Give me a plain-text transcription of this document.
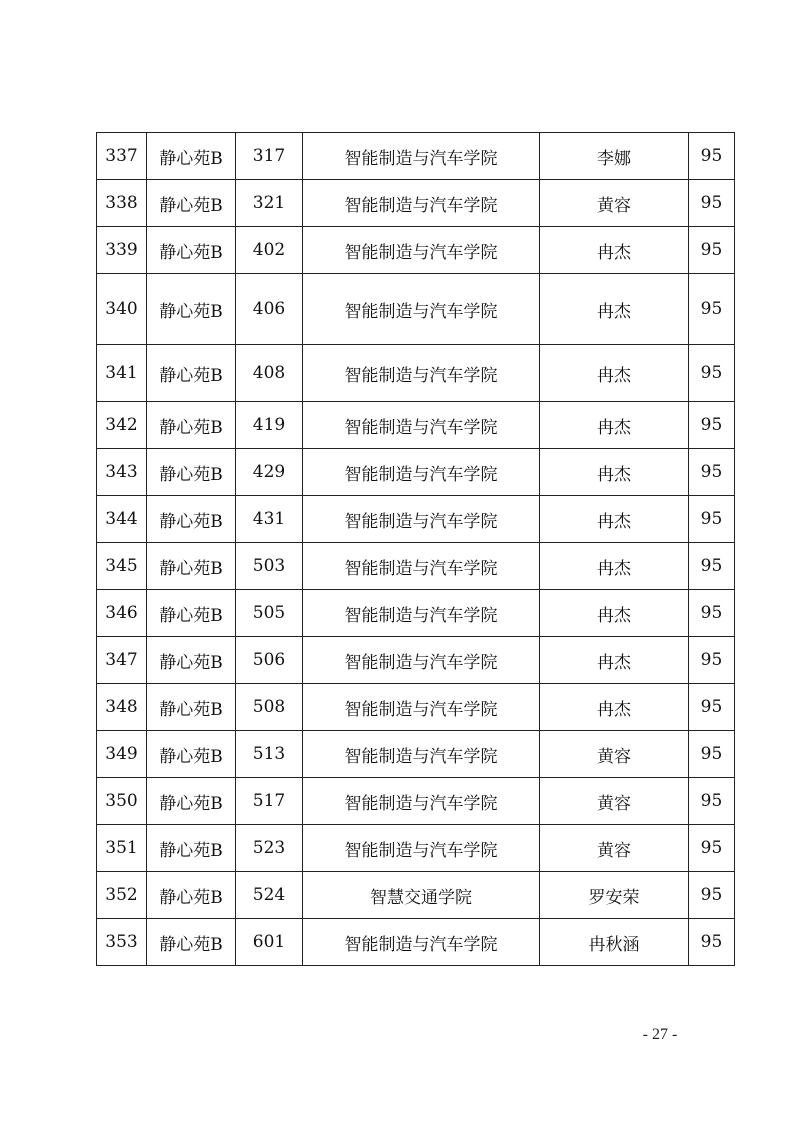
337	静心苑B	317	智能制造与汽车学院	李娜	95
338	静心苑B	321	智能制造与汽车学院	黄容	95
339	静心苑B	402	智能制造与汽车学院	冉杰	95
340	静心苑B	406	智能制造与汽车学院	冉杰	95
341	静心苑B	408	智能制造与汽车学院	冉杰	95
342	静心苑B	419	智能制造与汽车学院	冉杰	95
343	静心苑B	429	智能制造与汽车学院	冉杰	95
344	静心苑B	431	智能制造与汽车学院	冉杰	95
345	静心苑B	503	智能制造与汽车学院	冉杰	95
346	静心苑B	505	智能制造与汽车学院	冉杰	95
347	静心苑B	506	智能制造与汽车学院	冉杰	95
348	静心苑B	508	智能制造与汽车学院	冉杰	95
349	静心苑B	513	智能制造与汽车学院	黄容	95
350	静心苑B	517	智能制造与汽车学院	黄容	95
351	静心苑B	523	智能制造与汽车学院	黄容	95
352	静心苑B	524	智慧交通学院	罗安荣	95
353	静心苑B	601	智能制造与汽车学院	冉秋涵	95
- 27 -
